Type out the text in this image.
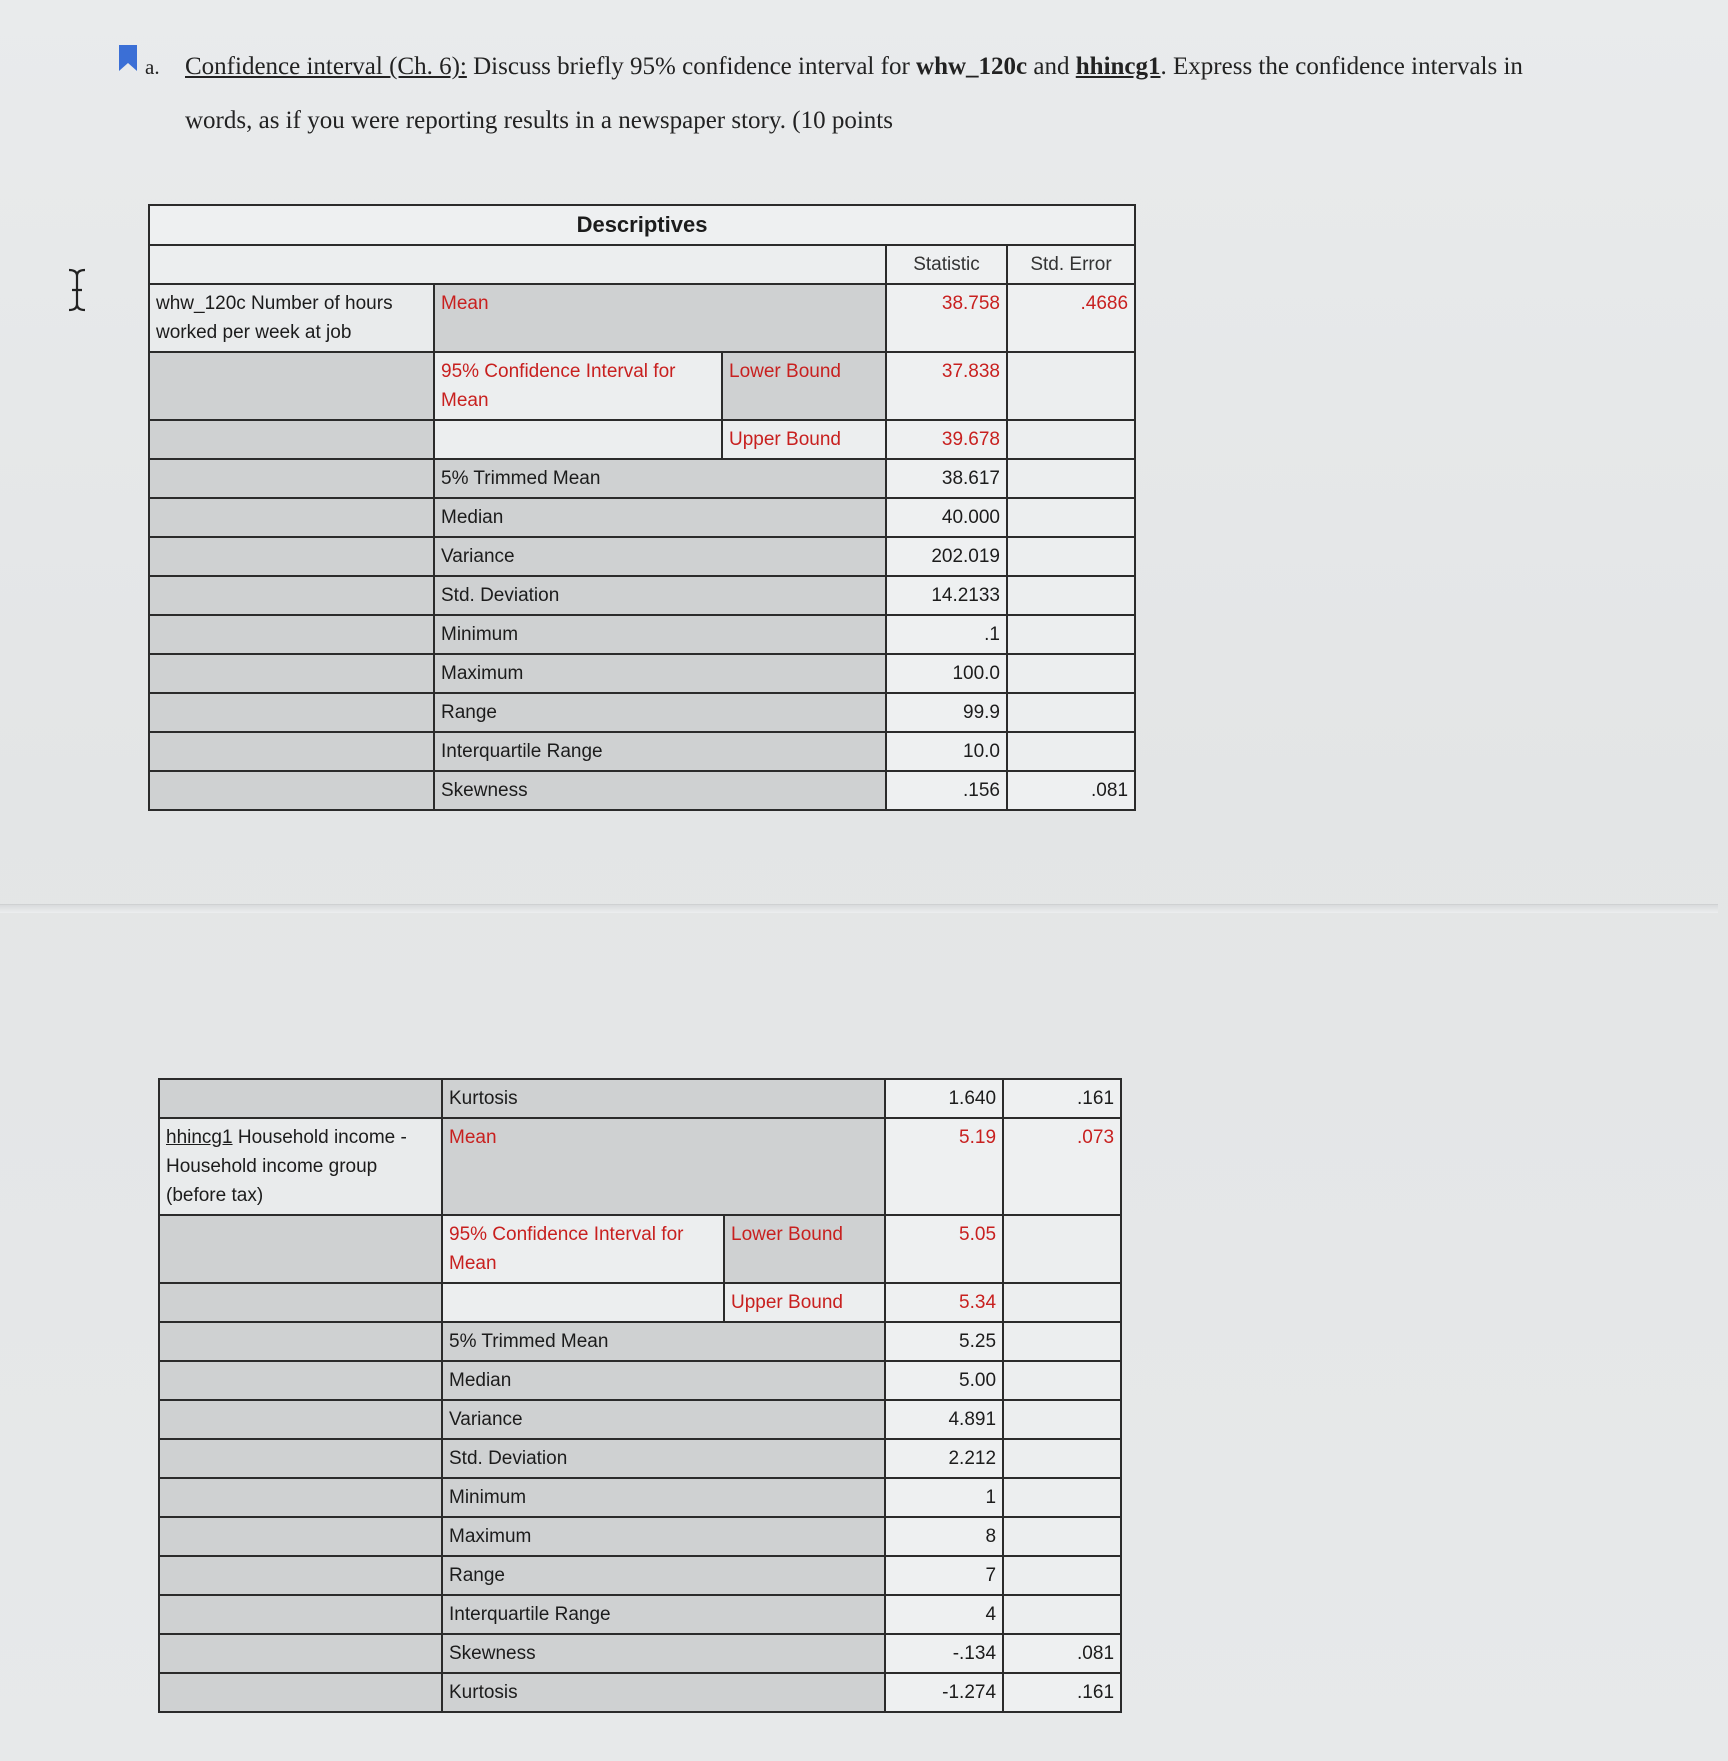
a. Confidence interval (Ch. 6): Discuss briefly 95% confidence interval for whw_120c and hhincg1. Express the confidence intervals in words, as if you were reporting results in a newspaper story. (10 points
Descriptives				
			Statistic	Std. Error
whw_120c Number of hours worked per week at job	Mean		38.758	.4686
	95% Confidence Interval for Mean	Lower Bound	37.838	
		Upper Bound	39.678	
	5% Trimmed Mean		38.617	
	Median		40.000	
	Variance		202.019	
	Std. Deviation		14.2133	
	Minimum		.1	
	Maximum		100.0	
	Range		99.9	
	Interquartile Range		10.0	
	Skewness		.156	.081
	Kurtosis		1.640	.161
hhincg1 Household income - Household income group (before tax)	Mean		5.19	.073
	95% Confidence Interval for Mean	Lower Bound	5.05	
		Upper Bound	5.34	
	5% Trimmed Mean		5.25	
	Median		5.00	
	Variance		4.891	
	Std. Deviation		2.212	
	Minimum		1	
	Maximum		8	
	Range		7	
	Interquartile Range		4	
	Skewness		-.134	.081
	Kurtosis		-1.274	.161
